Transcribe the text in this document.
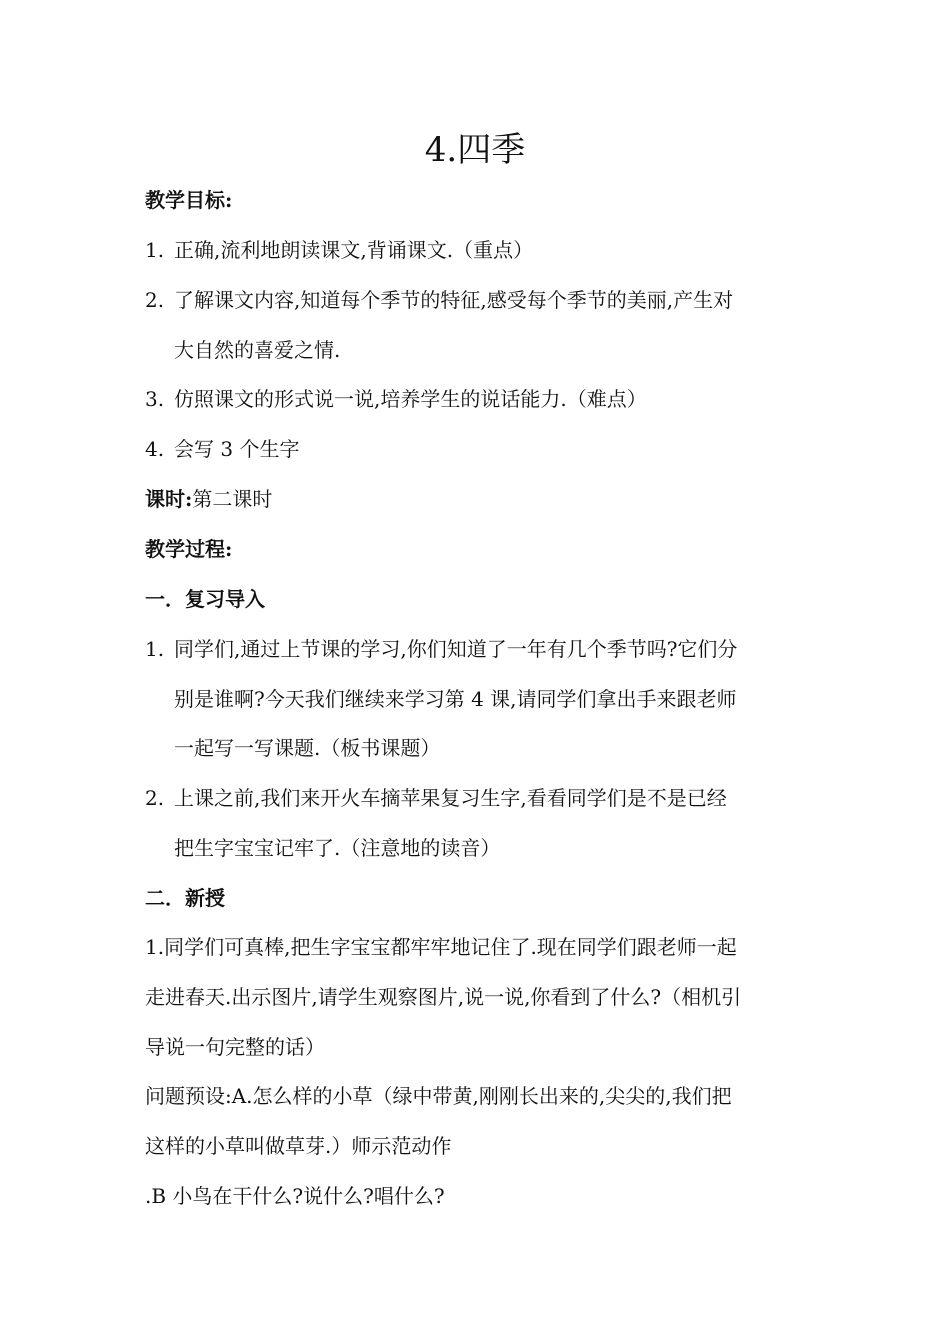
4.四季
教学目标:
1. 正确,流利地朗读课文,背诵课文.（重点）
2. 了解课文内容,知道每个季节的特征,感受每个季节的美丽,产生对
大自然的喜爱之情.
3. 仿照课文的形式说一说,培养学生的说话能力.（难点）
4. 会写 3 个生字
课时:第二课时
教学过程:
一．复习导入
1. 同学们,通过上节课的学习,你们知道了一年有几个季节吗?它们分
别是谁啊?今天我们继续来学习第 4 课,请同学们拿出手来跟老师
一起写一写课题.（板书课题）
2. 上课之前,我们来开火车摘苹果复习生字,看看同学们是不是已经
把生字宝宝记牢了.（注意地的读音）
二．新授
1.同学们可真棒,把生字宝宝都牢牢地记住了.现在同学们跟老师一起
走进春天.出示图片,请学生观察图片,说一说,你看到了什么?（相机引
导说一句完整的话）
问题预设:A.怎么样的小草（绿中带黄,刚刚长出来的,尖尖的,我们把
这样的小草叫做草芽.）师示范动作
.B 小鸟在干什么?说什么?唱什么?
